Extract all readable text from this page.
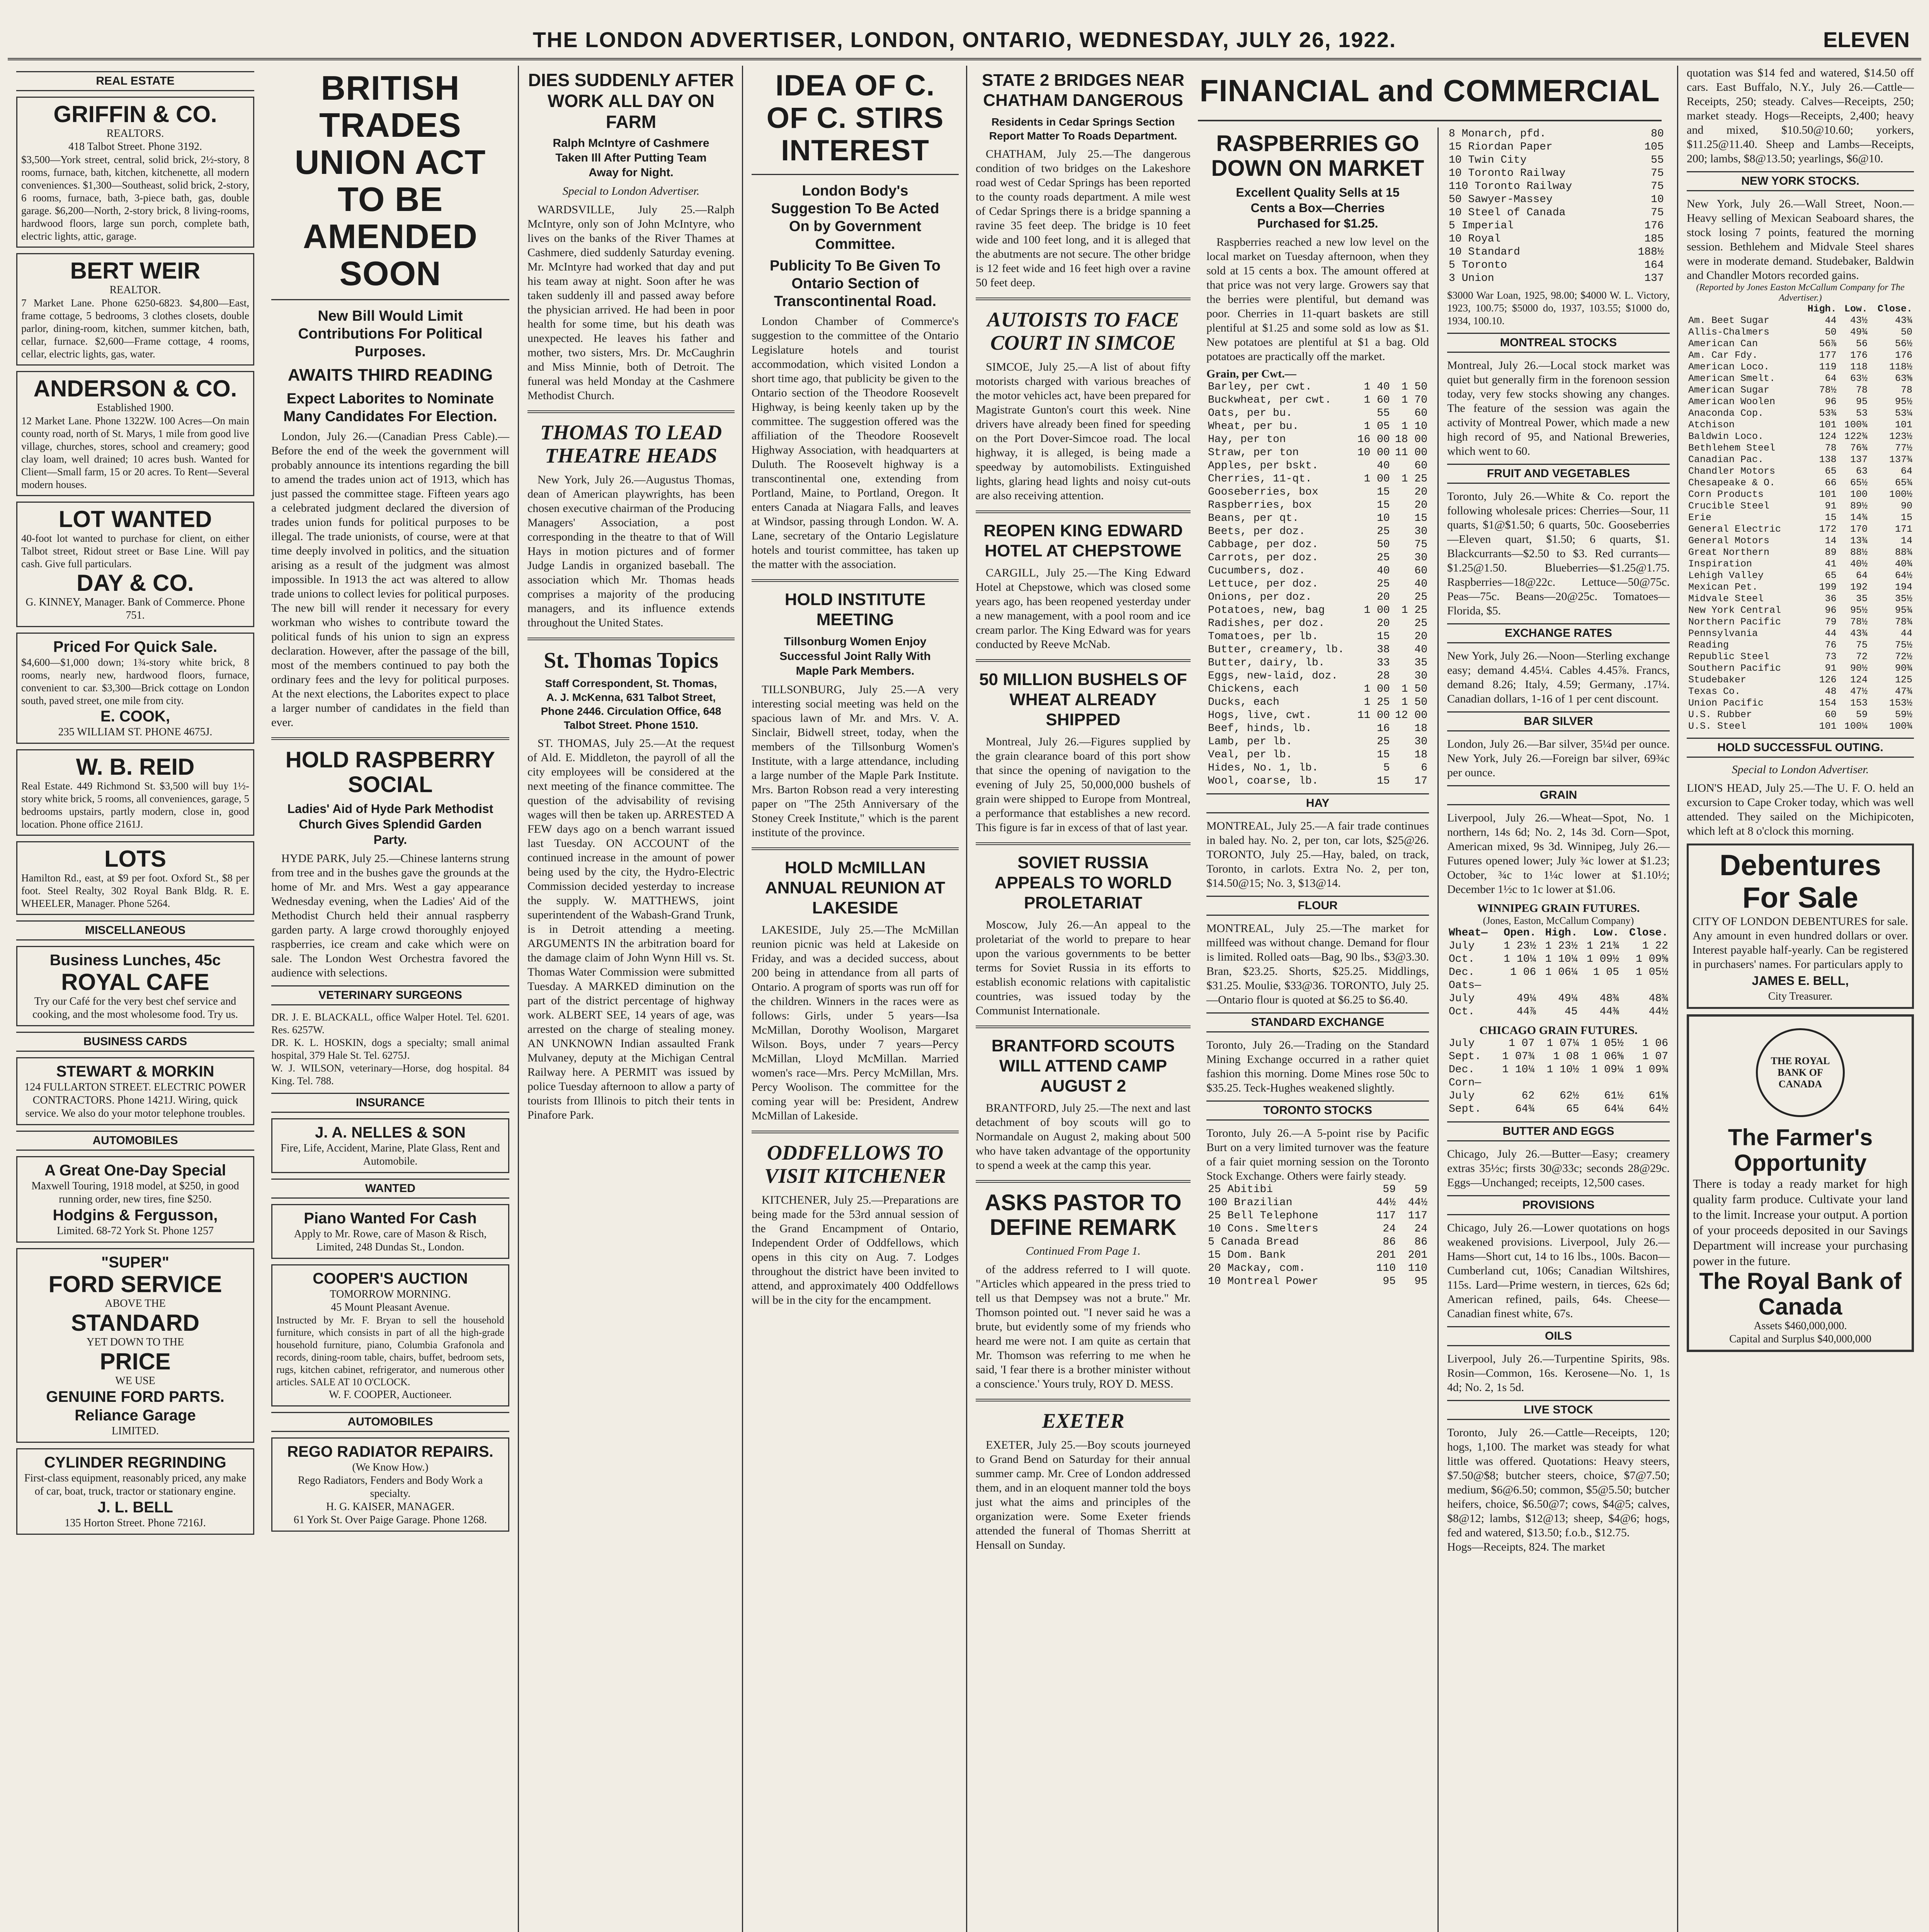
THE LONDON ADVERTISER, LONDON, ONTARIO, WEDNESDAY, JULY 26, 1922.	ELEVEN
REAL ESTATE
GRIFFIN & CO.
REALTORS.
418 Talbot Street. Phone 3192.
$3,500—York street, central, solid brick, 2½-story, 8 rooms, furnace, bath, kitchen, kitchenette, all modern conveniences. $1,300—Southeast, solid brick, 2-story, 6 rooms, furnace, bath, 3-piece bath, gas, double garage. $6,200—North, 2-story brick, 8 living-rooms, hardwood floors, large sun porch, complete bath, electric lights, attic, garage.
BERT WEIR
REALTOR.
7 Market Lane. Phone 6250-6823. $4,800—East, frame cottage, 5 bedrooms, 3 clothes closets, double parlor, dining-room, kitchen, summer kitchen, bath, cellar, furnace. $2,600—Frame cottage, 4 rooms, cellar, electric lights, gas, water.
ANDERSON & CO.
Established 1900.
12 Market Lane. Phone 1322W. 100 Acres—On main county road, north of St. Marys, 1 mile from good live village, churches, stores, school and creamery; good clay loam, well drained; 10 acres bush. Wanted for Client—Small farm, 15 or 20 acres. To Rent—Several modern houses.
LOT WANTED
40-foot lot wanted to purchase for client, on either Talbot street, Ridout street or Base Line. Will pay cash. Give full particulars.
DAY & CO.
G. KINNEY, Manager. Bank of Commerce. Phone 751.
Priced For Quick Sale.
$4,600—$1,000 down; 1¾-story white brick, 8 rooms, nearly new, hardwood floors, furnace, convenient to car. $3,300—Brick cottage on London south, paved street, one mile from city.
E. COOK,
235 WILLIAM ST. PHONE 4675J.
W. B. REID
Real Estate. 449 Richmond St. $3,500 will buy 1½-story white brick, 5 rooms, all conveniences, garage, 5 bedrooms upstairs, partly modern, close in, good location. Phone office 2161J.
LOTS
Hamilton Rd., east, at $9 per foot. Oxford St., $8 per foot. Steel Realty, 302 Royal Bank Bldg. R. E. WHEELER, Manager. Phone 5264.
MISCELLANEOUS
Business Lunches, 45c
ROYAL CAFE
Try our Café for the very best chef service and cooking, and the most wholesome food. Try us.
BUSINESS CARDS
STEWART & MORKIN
124 FULLARTON STREET. ELECTRIC POWER CONTRACTORS. Phone 1421J. Wiring, quick service. We also do your motor telephone troubles.
AUTOMOBILES
A Great One-Day Special
Maxwell Touring, 1918 model, at $250, in good running order, new tires, fine $250.
Hodgins & Fergusson,
Limited. 68-72 York St. Phone 1257
"SUPER"
FORD SERVICE
ABOVE THE
STANDARD
YET DOWN TO THE
PRICE
WE USE
GENUINE FORD PARTS.
Reliance Garage
LIMITED.
CYLINDER REGRINDING
First-class equipment, reasonably priced, any make of car, boat, truck, tractor or stationary engine.
J. L. BELL
135 Horton Street. Phone 7216J.
BRITISH TRADES UNION ACT TO BE AMENDED SOON
New Bill Would Limit Contributions For Political Purposes.
AWAITS THIRD READING
Expect Laborites to Nominate Many Candidates For Election.

London, July 26.—(Canadian Press Cable).—Before the end of the week the government will probably announce its intentions regarding the bill to amend the trades union act of 1913, which has just passed the committee stage. Fifteen years ago a celebrated judgment declared the diversion of trades union funds for political purposes to be illegal. The trade unionists, of course, were at that time deeply involved in politics, and the situation arising as a result of the judgment was almost impossible. In 1913 the act was altered to allow trade unions to collect levies for political purposes. The new bill will render it necessary for every workman who wishes to contribute toward the political funds of his union to sign an express declaration. However, after the passage of the bill, most of the members continued to pay both the ordinary fees and the levy for political purposes. At the next elections, the Laborites expect to place a larger number of candidates in the field than ever.

HOLD RASPBERRY SOCIAL
Ladies' Aid of Hyde Park Methodist Church Gives Splendid Garden Party.

HYDE PARK, July 25.—Chinese lanterns strung from tree and in the bushes gave the grounds at the home of Mr. and Mrs. West a gay appearance Wednesday evening, when the Ladies' Aid of the Methodist Church held their annual raspberry garden party. A large crowd thoroughly enjoyed raspberries, ice cream and cake which were on sale. The London West Orchestra favored the audience with selections.

VETERINARY SURGEONS
DR. J. E. BLACKALL, office Walper Hotel. Tel. 6201. Res. 6257W.
DR. K. L. HOSKIN, dogs a specialty; small animal hospital, 379 Hale St. Tel. 6275J.
W. J. WILSON, veterinary—Horse, dog hospital. 84 King. Tel. 788.
INSURANCE
J. A. NELLES & SON
Fire, Life, Accident, Marine, Plate Glass, Rent and Automobile.
WANTED
Piano Wanted For Cash
Apply to Mr. Rowe, care of Mason & Risch, Limited, 248 Dundas St., London.
COOPER'S AUCTION
TOMORROW MORNING.
45 Mount Pleasant Avenue.
Instructed by Mr. F. Bryan to sell the household furniture, which consists in part of all the high-grade household furniture, piano, Columbia Grafonola and records, dining-room table, chairs, buffet, bedroom sets, rugs, kitchen cabinet, refrigerator, and numerous other articles. SALE AT 10 O'CLOCK.
W. F. COOPER, Auctioneer.
AUTOMOBILES
REGO RADIATOR REPAIRS.
(We Know How.)
Rego Radiators, Fenders and Body Work a specialty.
H. G. KAISER, MANAGER.
61 York St. Over Paige Garage. Phone 1268.
DIES SUDDENLY AFTER WORK ALL DAY ON FARM
Ralph McIntyre of Cashmere Taken Ill After Putting Team Away for Night.
Special to London Advertiser.

WARDSVILLE, July 25.—Ralph McIntyre, only son of John McIntyre, who lives on the banks of the River Thames at Cashmere, died suddenly Saturday evening. Mr. McIntyre had worked that day and put his team away at night. Soon after he was taken suddenly ill and passed away before the physician arrived. He had been in poor health for some time, but his death was unexpected. He leaves his father and mother, two sisters, Mrs. Dr. McCaughrin and Miss Minnie, both of Detroit. The funeral was held Monday at the Cashmere Methodist Church.

THOMAS TO LEAD THEATRE HEADS

New York, July 26.—Augustus Thomas, dean of American playwrights, has been chosen executive chairman of the Producing Managers' Association, a post corresponding in the theatre to that of Will Hays in motion pictures and of former Judge Landis in organized baseball. The association which Mr. Thomas heads comprises a majority of the producing managers, and its influence extends throughout the United States.

St. Thomas Topics
Staff Correspondent, St. Thomas, A. J. McKenna, 631 Talbot Street, Phone 2446. Circulation Office, 648 Talbot Street. Phone 1510.

ST. THOMAS, July 25.—At the request of Ald. E. Middleton, the payroll of all the city employees will be considered at the next meeting of the finance committee. The question of the advisability of revising wages will then be taken up. ARRESTED A FEW days ago on a bench warrant issued last Tuesday. ON ACCOUNT of the continued increase in the amount of power being used by the city, the Hydro-Electric Commission decided yesterday to increase the supply. W. MATTHEWS, joint superintendent of the Wabash-Grand Trunk, is in Detroit attending a meeting. ARGUMENTS IN the arbitration board for the damage claim of John Wynn Hill vs. St. Thomas Water Commission were submitted Tuesday. A MARKED diminution on the part of the district percentage of highway work. ALBERT SEE, 14 years of age, was arrested on the charge of stealing money. AN UNKNOWN Indian assaulted Frank Mulvaney, deputy at the Michigan Central Railway here. A PERMIT was issued by police Tuesday afternoon to allow a party of tourists from Illinois to pitch their tents in Pinafore Park.

IDEA OF C. OF C. STIRS INTEREST
London Body's Suggestion To Be Acted On by Government Committee.
Publicity To Be Given To Ontario Section of Transcontinental Road.

London Chamber of Commerce's suggestion to the committee of the Ontario Legislature hotels and tourist accommodation, which visited London a short time ago, that publicity be given to the Ontario section of the Theodore Roosevelt Highway, is being keenly taken up by the committee. The suggestion offered was the affiliation of the Theodore Roosevelt Highway Association, with headquarters at Duluth. The Roosevelt highway is a transcontinental one, extending from Portland, Maine, to Portland, Oregon. It enters Canada at Niagara Falls, and leaves at Windsor, passing through London. W. A. Lane, secretary of the Ontario Legislature hotels and tourist committee, has taken up the matter with the association.

HOLD INSTITUTE MEETING
Tillsonburg Women Enjoy Successful Joint Rally With Maple Park Members.

TILLSONBURG, July 25.—A very interesting social meeting was held on the spacious lawn of Mr. and Mrs. V. A. Sinclair, Bidwell street, today, when the members of the Tillsonburg Women's Institute, with a large attendance, including a large number of the Maple Park Institute. Mrs. Barton Robson read a very interesting paper on "The 25th Anniversary of the Stoney Creek Institute," which is the parent institute of the province.

HOLD McMILLAN ANNUAL REUNION AT LAKESIDE

LAKESIDE, July 25.—The McMillan reunion picnic was held at Lakeside on Friday, and was a decided success, about 200 being in attendance from all parts of Ontario. A program of sports was run off for the children. Winners in the races were as follows: Girls, under 5 years—Isa McMillan, Dorothy Woolison, Margaret Wilson. Boys, under 7 years—Percy McMillan, Lloyd McMillan. Married women's race—Mrs. Percy McMillan, Mrs. Percy Woolison. The committee for the coming year will be: President, Andrew McMillan of Lakeside.

ODDFELLOWS TO VISIT KITCHENER

KITCHENER, July 25.—Preparations are being made for the 53rd annual session of the Grand Encampment of Ontario, Independent Order of Oddfellows, which opens in this city on Aug. 7. Lodges throughout the district have been invited to attend, and approximately 400 Oddfellows will be in the city for the encampment.

STATE 2 BRIDGES NEAR CHATHAM DANGEROUS
Residents in Cedar Springs Section Report Matter To Roads Department.

CHATHAM, July 25.—The dangerous condition of two bridges on the Lakeshore road west of Cedar Springs has been reported to the county roads department. A mile west of Cedar Springs there is a bridge spanning a ravine 35 feet deep. The bridge is 10 feet wide and 100 feet long, and it is alleged that the abutments are not secure. The other bridge is 12 feet wide and 16 feet high over a ravine 50 feet deep.

AUTOISTS TO FACE COURT IN SIMCOE

SIMCOE, July 25.—A list of about fifty motorists charged with various breaches of the motor vehicles act, have been prepared for Magistrate Gunton's court this week. Nine drivers have already been fined for speeding on the Port Dover-Simcoe road. The local highway, it is alleged, is being made a speedway by automobilists. Extinguished lights, glaring head lights and noisy cut-outs are also receiving attention.

REOPEN KING EDWARD HOTEL AT CHEPSTOWE

CARGILL, July 25.—The King Edward Hotel at Chepstowe, which was closed some years ago, has been reopened yesterday under a new management, with a pool room and ice cream parlor. The King Edward was for years conducted by Reeve McNab.

50 MILLION BUSHELS OF WHEAT ALREADY SHIPPED

Montreal, July 26.—Figures supplied by the grain clearance board of this port show that since the opening of navigation to the evening of July 25, 50,000,000 bushels of grain were shipped to Europe from Montreal, a performance that establishes a new record. This figure is far in excess of that of last year.

SOVIET RUSSIA APPEALS TO WORLD PROLETARIAT

Moscow, July 26.—An appeal to the proletariat of the world to prepare to hear upon the various governments to be better terms for Soviet Russia in its efforts to establish economic relations with capitalistic countries, was issued today by the Communist Internationale.

BRANTFORD SCOUTS WILL ATTEND CAMP AUGUST 2

BRANTFORD, July 25.—The next and last detachment of boy scouts will go to Normandale on August 2, making about 500 who have taken advantage of the opportunity to spend a week at the camp this year.

ASKS PASTOR TO DEFINE REMARK
Continued From Page 1.

of the address referred to I will quote. "Articles which appeared in the press tried to tell us that Dempsey was not a brute." Mr. Thomson pointed out. "I never said he was a brute, but evidently some of my friends who heard me were not. I am quite as certain that Mr. Thomson was referring to me when he said, 'I fear there is a brother minister without a conscience.' Yours truly, ROY D. MESS.

EXETER

EXETER, July 25.—Boy scouts journeyed to Grand Bend on Saturday for their annual summer camp. Mr. Cree of London addressed them, and in an eloquent manner told the boys just what the aims and principles of the organization were. Some Exeter friends attended the funeral of Thomas Sherritt at Hensall on Sunday.

FINANCIAL and COMMERCIAL
RASPBERRIES GO DOWN ON MARKET
Excellent Quality Sells at 15 Cents a Box—Cherries Purchased for $1.25.

Raspberries reached a new low level on the local market on Tuesday afternoon, when they sold at 15 cents a box. The amount offered at that price was not very large. Growers say that the berries were plentiful, but demand was poor. Cherries in 11-quart baskets are still plentiful at $1.25 and some sold as low as $1. New potatoes are plentiful at $1 a bag. Old potatoes are practically off the market.

Grain, per Cwt.—
Barley, per cwt.	1 40	1 50
Buckwheat, per cwt.	1 60	1 70
Oats, per bu.	55	60
Wheat, per bu.	1 05	1 10
Hay, per ton	16 00	18 00
Straw, per ton	10 00	11 00
Apples, per bskt.	40	60
Cherries, 11-qt.	1 00	1 25
Gooseberries, box	15	20
Raspberries, box	15	20
Beans, per qt.	10	15
Beets, per doz.	25	30
Cabbage, per doz.	50	75
Carrots, per doz.	25	30
Cucumbers, doz.	40	60
Lettuce, per doz.	25	40
Onions, per doz.	20	25
Potatoes, new, bag	1 00	1 25
Radishes, per doz.	20	25
Tomatoes, per lb.	15	20
Butter, creamery, lb.	38	40
Butter, dairy, lb.	33	35
Eggs, new-laid, doz.	28	30
Chickens, each	1 00	1 50
Ducks, each	1 25	1 50
Hogs, live, cwt.	11 00	12 00
Beef, hinds, lb.	16	18
Lamb, per lb.	25	30
Veal, per lb.	15	18
Hides, No. 1, lb.	5	6
Wool, coarse, lb.	15	17
HAY
MONTREAL, July 25.—A fair trade continues in baled hay. No. 2, per ton, car lots, $25@26. TORONTO, July 25.—Hay, baled, on track, Toronto, in carlots. Extra No. 2, per ton, $14.50@15; No. 3, $13@14.
FLOUR
MONTREAL, July 25.—The market for millfeed was without change. Demand for flour is limited. Rolled oats—Bag, 90 lbs., $3@3.30. Bran, $23.25. Shorts, $25.25. Middlings, $31.25. Moulie, $33@36. TORONTO, July 25.—Ontario flour is quoted at $6.25 to $6.40.
STANDARD EXCHANGE
Toronto, July 26.—Trading on the Standard Mining Exchange occurred in a rather quiet fashion this morning. Dome Mines rose 50c to $35.25. Teck-Hughes weakened slightly.
TORONTO STOCKS
Toronto, July 26.—A 5-point rise by Pacific Burt on a very limited turnover was the feature of a fair quiet morning session on the Toronto Stock Exchange. Others were fairly steady.
25 Abitibi	59	59
100 Brazilian	44½	44½
25 Bell Telephone	117	117
10 Cons. Smelters	24	24
5 Canada Bread	86	86
15 Dom. Bank	201	201
20 Mackay, com.	110	110
10 Montreal Power	95	95
8 Monarch, pfd.	80	
15 Riordan Paper	105	
10 Twin City	55	
10 Toronto Railway	75	
110 Toronto Railway	75	
50 Sawyer-Massey	10	
10 Steel of Canada	75	
5 Imperial	176	
10 Royal	185	
10 Standard	188½	
5 Toronto	164	
3 Union	137	
$3000 War Loan, 1925, 98.00; $4000 W. L. Victory, 1923, 100.75; $5000 do, 1937, 103.55; $1000 do, 1934, 100.10.
MONTREAL STOCKS
Montreal, July 26.—Local stock market was quiet but generally firm in the forenoon session today, very few stocks showing any changes. The feature of the session was again the activity of Montreal Power, which made a new high record of 95, and National Breweries, which went to 60.
FRUIT AND VEGETABLES
Toronto, July 26.—White & Co. report the following wholesale prices: Cherries—Sour, 11 quarts, $1@$1.50; 6 quarts, 50c. Gooseberries—Eleven quart, $1.50; 6 quarts, $1. Blackcurrants—$2.50 to $3. Red currants—$1.25@1.50. Blueberries—$1.25@1.75. Raspberries—18@22c. Lettuce—50@75c. Peas—75c. Beans—20@25c. Tomatoes—Florida, $5.
EXCHANGE RATES
New York, July 26.—Noon—Sterling exchange easy; demand 4.45¼. Cables 4.45⅞. Francs, demand 8.26; Italy, 4.59; Germany, .17¼. Canadian dollars, 1-16 of 1 per cent discount.
BAR SILVER
London, July 26.—Bar silver, 35¼d per ounce. New York, July 26.—Foreign bar silver, 69¾c per ounce.
GRAIN
Liverpool, July 26.—Wheat—Spot, No. 1 northern, 14s 6d; No. 2, 14s 3d. Corn—Spot, American mixed, 9s 3d. Winnipeg, July 26.—Futures opened lower; July ¾c lower at $1.23; October, ¾c to 1¼c lower at $1.10½; December 1½c to 1c lower at $1.06.
WINNIPEG GRAIN FUTURES.
(Jones, Easton, McCallum Company)
Wheat—	Open.	High.	Low.	Close.
July	1 23½	1 23½	1 21¾	1 22
Oct.	1 10¼	1 10¼	1 09½	1 09⅝
Dec.	1 06	1 06¼	1 05	1 05½
Oats—				
July	49¼	49¼	48¾	48¾
Oct.	44⅞	45	44⅜	44½
CHICAGO GRAIN FUTURES.
July	1 07	1 07¼	1 05½	1 06
Sept.	1 07¾	1 08	1 06⅝	1 07
Dec.	1 10¼	1 10½	1 09¼	1 09¾
Corn—				
July	62	62½	61½	61⅝
Sept.	64¾	65	64¼	64½
BUTTER AND EGGS
Chicago, July 26.—Butter—Easy; creamery extras 35½c; firsts 30@33c; seconds 28@29c. Eggs—Unchanged; receipts, 12,500 cases.
PROVISIONS
Chicago, July 26.—Lower quotations on hogs weakened provisions. Liverpool, July 26.—Hams—Short cut, 14 to 16 lbs., 100s. Bacon—Cumberland cut, 106s; Canadian Wiltshires, 115s. Lard—Prime western, in tierces, 62s 6d; American refined, pails, 64s. Cheese—Canadian finest white, 67s.
OILS
Liverpool, July 26.—Turpentine Spirits, 98s. Rosin—Common, 16s. Kerosene—No. 1, 1s 4d; No. 2, 1s 5d.
LIVE STOCK
Toronto, July 26.—Cattle—Receipts, 120; hogs, 1,100. The market was steady for what little was offered. Quotations: Heavy steers, $7.50@$8; butcher steers, choice, $7@7.50; medium, $6@6.50; common, $5@5.50; butcher heifers, choice, $6.50@7; cows, $4@5; calves, $8@12; lambs, $12@13; sheep, $4@6; hogs, fed and watered, $13.50; f.o.b., $12.75.
Hogs—Receipts, 824. The market
quotation was $14 fed and watered, $14.50 off cars. East Buffalo, N.Y., July 26.—Cattle—Receipts, 250; steady. Calves—Receipts, 250; market steady. Hogs—Receipts, 2,400; heavy and mixed, $10.50@10.60; yorkers, $11.25@11.40. Sheep and Lambs—Receipts, 200; lambs, $8@13.50; yearlings, $6@10.
NEW YORK STOCKS.
New York, July 26.—Wall Street, Noon.—Heavy selling of Mexican Seaboard shares, the stock losing 7 points, featured the morning session. Bethlehem and Midvale Steel shares were in moderate demand. Studebaker, Baldwin and Chandler Motors recorded gains.
(Reported by Jones Easton McCallum Company for The Advertiser.)
	High.	Low.	Close.
Am. Beet Sugar	44	43½	43¾
Allis-Chalmers	50	49¾	50
American Can	56⅞	56	56½
Am. Car Fdy.	177	176	176
American Loco.	119	118	118½
American Smelt.	64	63½	63⅝
American Sugar	78½	78	78
American Woolen	96	95	95½
Anaconda Cop.	53¾	53	53¼
Atchison	101	100¾	101
Baldwin Loco.	124	122¾	123½
Bethlehem Steel	78	76¾	77½
Canadian Pac.	138	137	137¾
Chandler Motors	65	63	64
Chesapeake & O.	66	65½	65¾
Corn Products	101	100	100½
Crucible Steel	91	89½	90
Erie	15	14¾	15
General Electric	172	170	171
General Motors	14	13¾	14
Great Northern	89	88½	88¾
Inspiration	41	40½	40¾
Lehigh Valley	65	64	64½
Mexican Pet.	199	192	194
Midvale Steel	36	35	35½
New York Central	96	95½	95¾
Northern Pacific	79	78½	78¾
Pennsylvania	44	43¾	44
Reading	76	75	75½
Republic Steel	73	72	72½
Southern Pacific	91	90½	90¾
Studebaker	126	124	125
Texas Co.	48	47½	47¾
Union Pacific	154	153	153½
U.S. Rubber	60	59	59½
U.S. Steel	101	100¼	100¾
HOLD SUCCESSFUL OUTING.
Special to London Advertiser.
LION'S HEAD, July 25.—The U. F. O. held an excursion to Cape Croker today, which was well attended. They sailed on the Michipicoten, which left at 8 o'clock this morning.
Debentures For Sale
CITY OF LONDON DEBENTURES for sale. Any amount in even hundred dollars or over. Interest payable half-yearly. Can be registered in purchasers' names. For particulars apply to
JAMES E. BELL,
City Treasurer.
THE ROYAL BANK OF CANADA
The Farmer's Opportunity
There is today a ready market for high quality farm produce. Cultivate your land to the limit. Increase your output. A portion of your proceeds deposited in our Savings Department will increase your purchasing power in the future.
The Royal Bank of Canada
Assets $460,000,000.
Capital and Surplus $40,000,000
